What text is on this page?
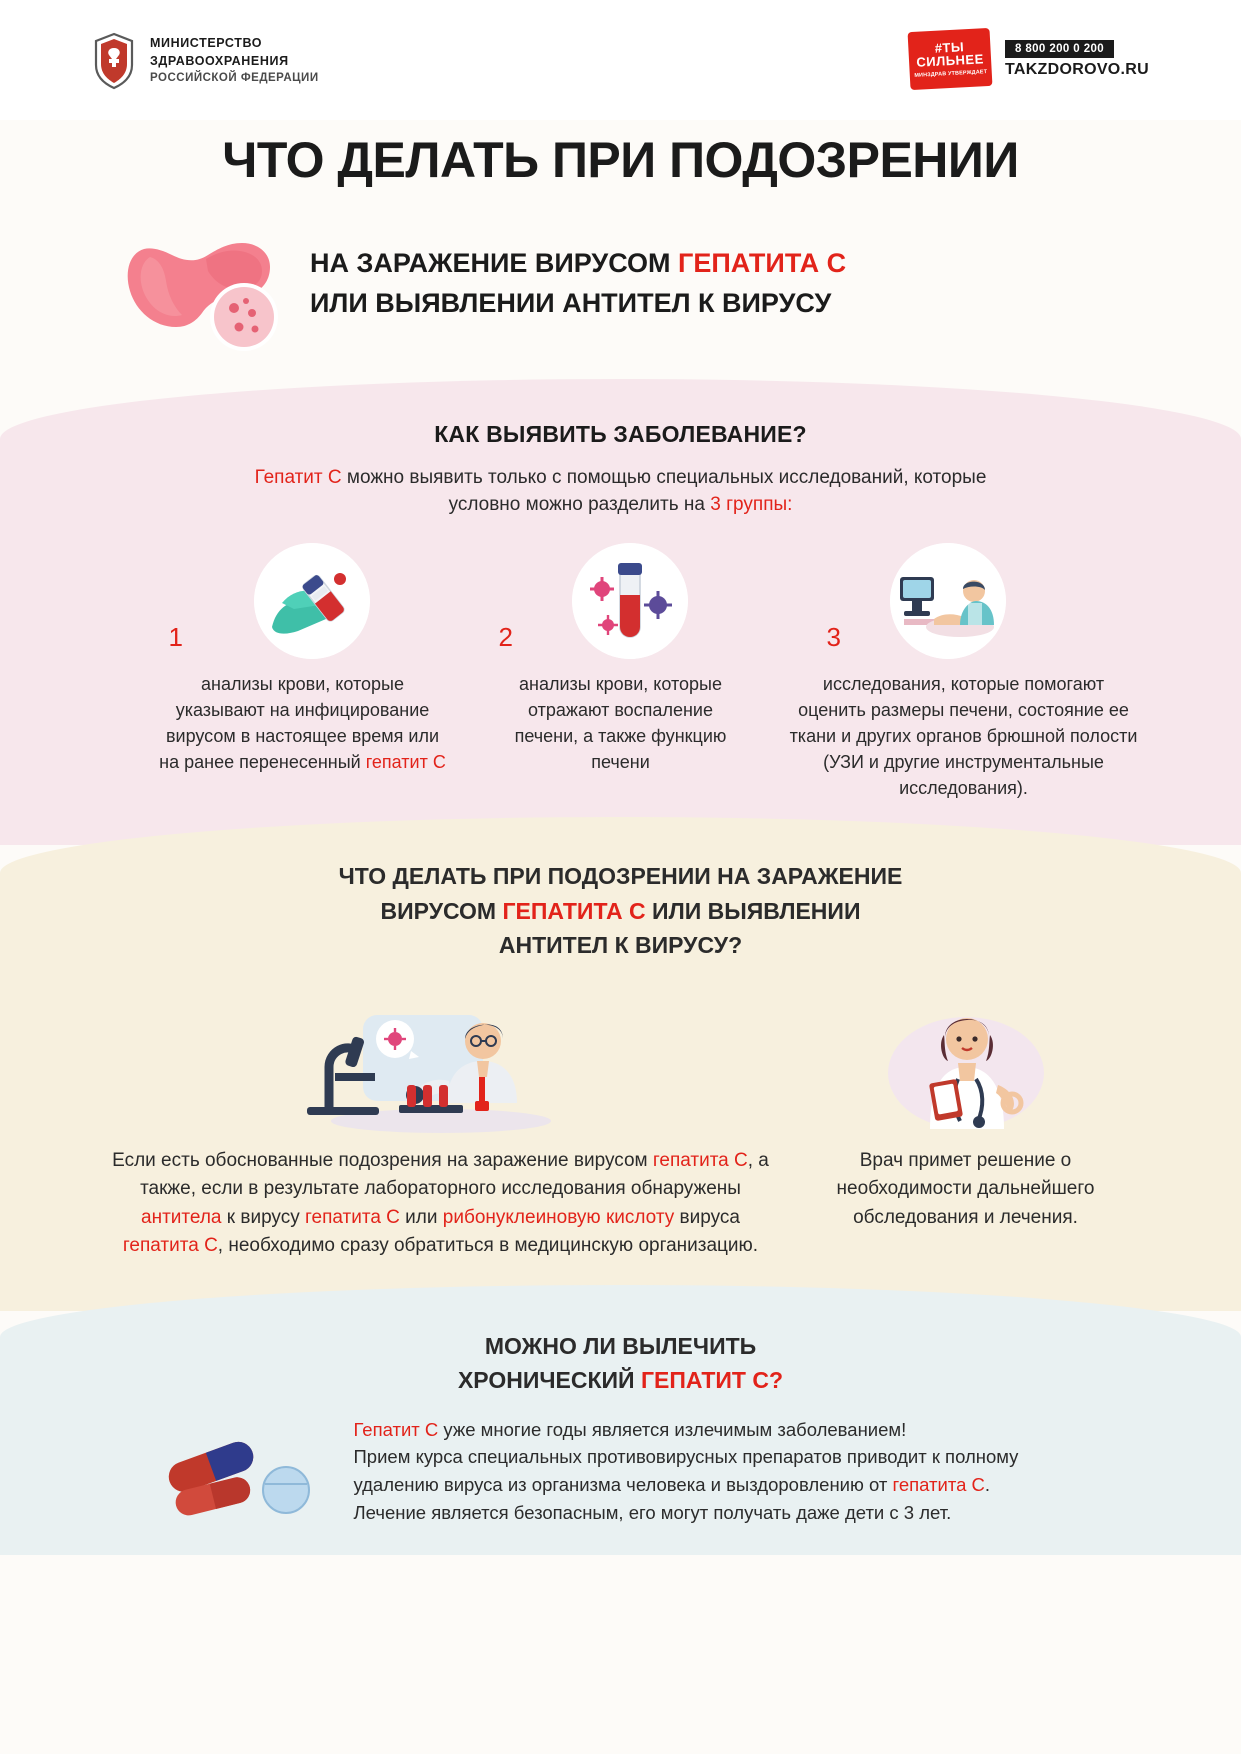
МИНИСТЕРСТВО
ЗДРАВООХРАНЕНИЯ
РОССИЙСКОЙ ФЕДЕРАЦИИ
#ТЫ
СИЛЬНЕЕ
МИНЗДРАВ УТВЕРЖДАЕТ
8 800 200 0 200
TAKZDOROVO.RU
ЧТО ДЕЛАТЬ ПРИ ПОДОЗРЕНИИ
НА ЗАРАЖЕНИЕ ВИРУСОМ ГЕПАТИТА С
ИЛИ ВЫЯВЛЕНИИ АНТИТЕЛ К ВИРУСУ
КАК ВЫЯВИТЬ ЗАБОЛЕВАНИЕ?

Гепатит С можно выявить только с помощью специальных исследований, которые условно можно разделить на 3 группы:

1
анализы крови, которые указывают на инфицирование вирусом в настоящее время или на ранее перенесенный гепатит С
2
анализы крови, которые отражают воспаление печени, а также функцию печени
3
исследования, которые помогают оценить размеры печени, состояние ее ткани и других органов брюшной полости (УЗИ и другие инструментальные исследования).
ЧТО ДЕЛАТЬ ПРИ ПОДОЗРЕНИИ НА ЗАРАЖЕНИЕ
ВИРУСОМ ГЕПАТИТА С ИЛИ ВЫЯВЛЕНИИ
АНТИТЕЛ К ВИРУСУ?
Если есть обоснованные подозрения на заражение вирусом гепатита С, а также, если в результате лабораторного исследования обнаружены антитела к вирусу гепатита С или рибонуклеиновую кислоту вируса гепатита С, необходимо сразу обратиться в медицинскую организацию.
Врач примет решение о необходимости дальнейшего обследования и лечения.
МОЖНО ЛИ ВЫЛЕЧИТЬ
ХРОНИЧЕСКИЙ ГЕПАТИТ С?
Гепатит С уже многие годы является излечимым заболеванием!
Прием курса специальных противовирусных препаратов приводит к полному удалению вируса из организма человека и выздоровлению от гепатита С.
Лечение является безопасным, его могут получать даже дети с 3 лет.
